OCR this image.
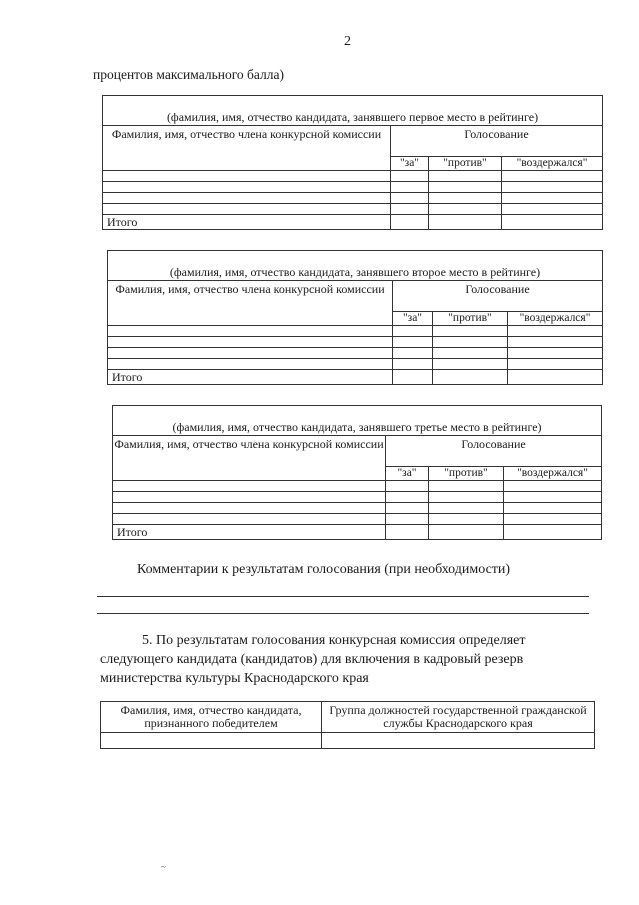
2
процентов максимального балла)
(фамилия, имя, отчество кандидата, занявшего первое место в рейтинге)			
Фамилия, имя, отчество члена конкурсной комиссии	Голосование		
	"за"	"против"	"воздержался"

Итого			
(фамилия, имя, отчество кандидата, занявшего второе место в рейтинге)			
Фамилия, имя, отчество члена конкурсной комиссии	Голосование		
	"за"	"против"	"воздержался"

Итого			
(фамилия, имя, отчество кандидата, занявшего третье место в рейтинге)			
Фамилия, имя, отчество члена конкурсной комиссии	Голосование		
	"за"	"против"	"воздержался"

Итого			
Комментарии к результатам голосования (при необходимости)

5. По результатам голосования конкурсная комиссия определяет

следующего кандидата (кандидатов) для включения в кадровый резерв

министерства культуры Краснодарского края

Фамилия, имя, отчество кандидата, признанного победителем	Группа должностей государственной гражданской службы Краснодарского края

~
